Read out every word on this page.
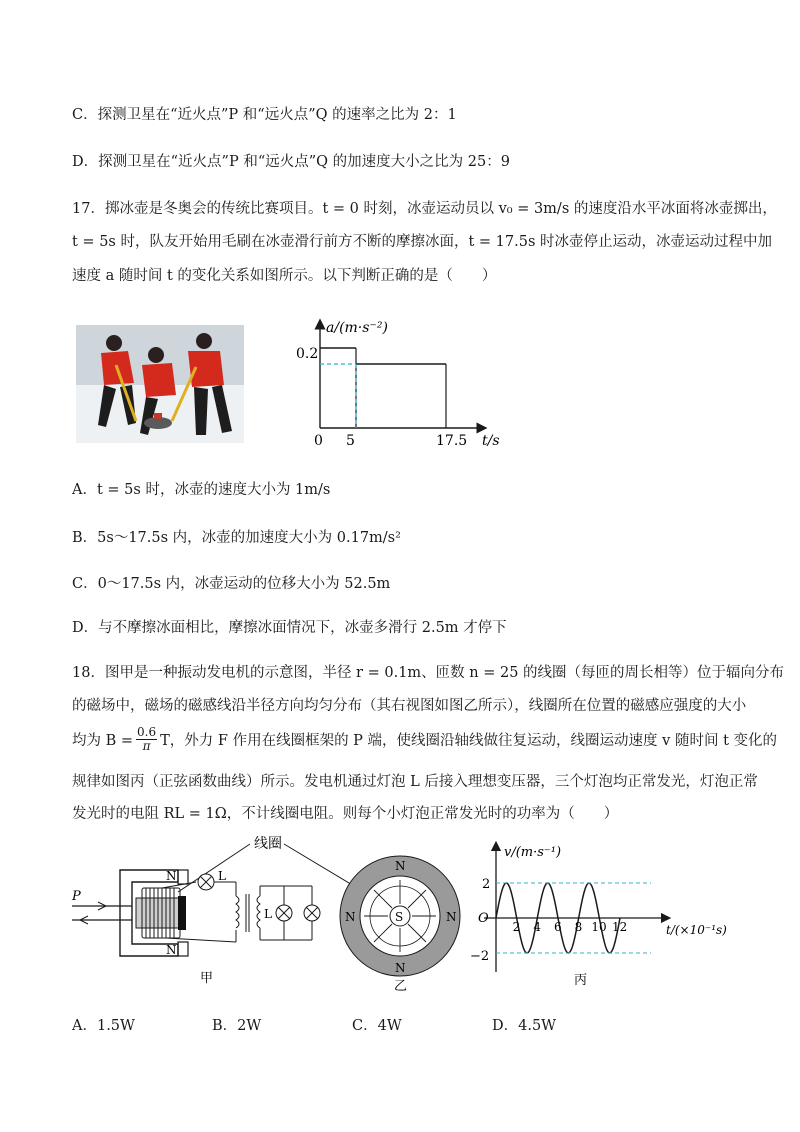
C．探测卫星在“近火点”P 和“远火点”Q 的速率之比为 2：1
D．探测卫星在“近火点”P 和“远火点”Q 的加速度大小之比为 25：9
17．掷冰壶是冬奥会的传统比赛项目。t = 0 时刻，冰壶运动员以 v₀ = 3m/s 的速度沿水平冰面将冰壶掷出，
t = 5s 时，队友开始用毛刷在冰壶滑行前方不断的摩擦冰面，t = 17.5s 时冰壶停止运动，冰壶运动过程中加
速度 a 随时间 t 的变化关系如图所示。以下判断正确的是（　　）
a/(m·s⁻²)
t/s
0.2
0 5	17.5
A．t = 5s 时，冰壶的速度大小为 1m/s
B．5s～17.5s 内，冰壶的加速度大小为 0.17m/s²
C．0～17.5s 内，冰壶运动的位移大小为 52.5m
D．与不摩擦冰面相比，摩擦冰面情况下，冰壶多滑行 2.5m 才停下
18．图甲是一种振动发电机的示意图，半径 r = 0.1m、匝数 n = 25 的线圈（每匝的周长相等）位于辐向分布
的磁场中，磁场的磁感线沿半径方向均匀分布（其右视图如图乙所示），线圈所在位置的磁感应强度的大小
均为 $B = \frac{0.6}{\pi}$ T，外力 F 作用在线圈框架的 P 端，使线圈沿轴线做往复运动，线圈运动速度 v 随时间 t 变化的
规律如图丙（正弦函数曲线）所示。发电机通过灯泡 L 后接入理想变压器，三个灯泡均正常发光，灯泡正常
发光时的电阻 RL = 1Ω，不计线圈电阻。则每个小灯泡正常发光时的功率为（　　）
线圈
N
N
P
L
L
甲
S
N
N
N	N
乙
v/(m·s⁻¹)
t/(×10⁻¹s)
O
2
−2
2 4 6 8 10 12
丙
A．1.5W	B．2W	C．4W	D．4.5W
